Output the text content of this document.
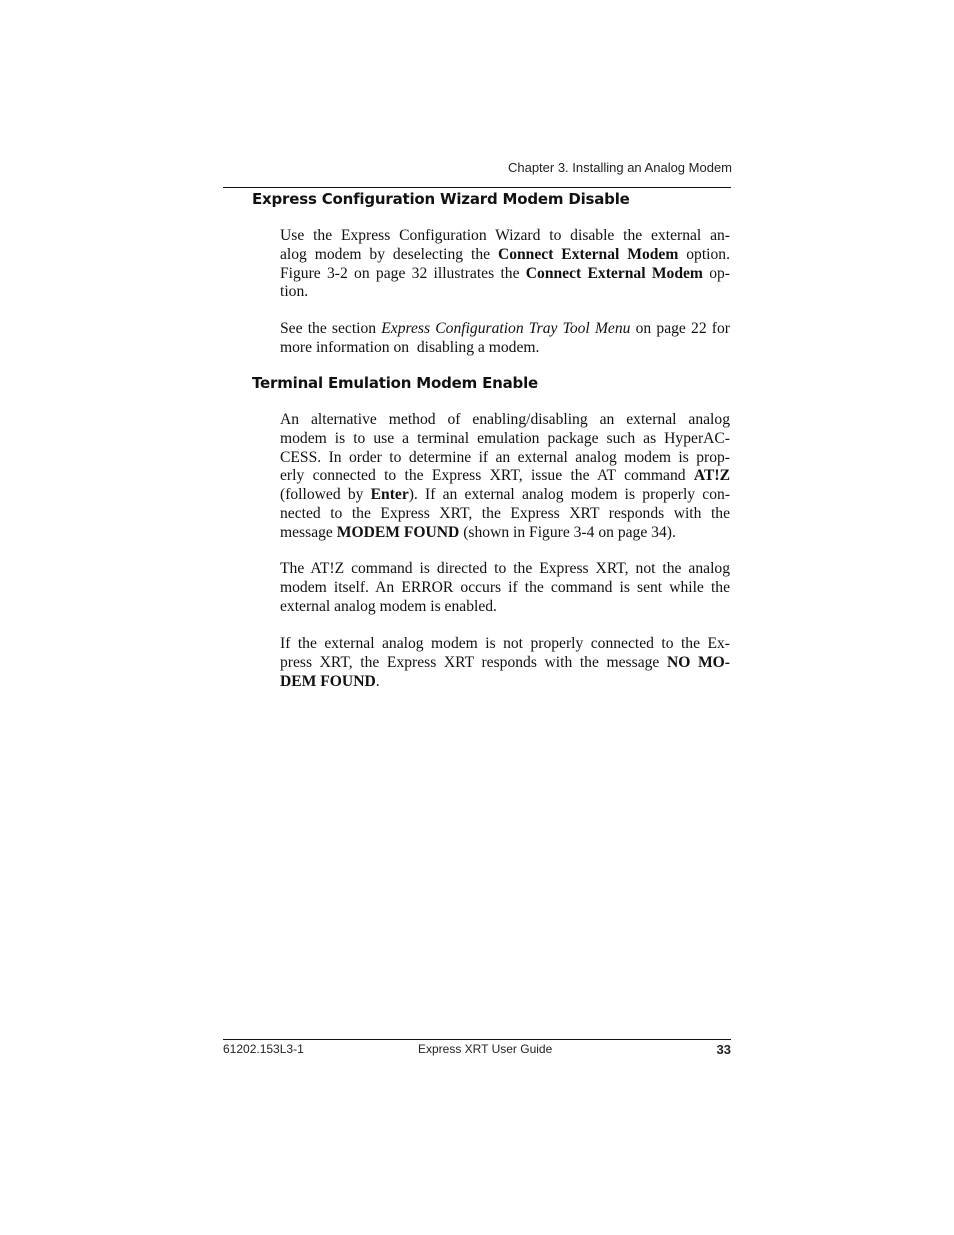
Chapter 3. Installing an Analog Modem
Express Configuration Wizard Modem Disable

Use the Express Configuration Wizard to disable the external an-
alog modem by deselecting the Connect External Modem option.
Figure 3-2 on page 32 illustrates the Connect External Modem op-
tion.

See the section Express Configuration Tray Tool Menu on page 22 for
more information on  disabling a modem.

Terminal Emulation Modem Enable

An alternative method of enabling/disabling an external analog
modem is to use a terminal emulation package such as HyperAC-
CESS. In order to determine if an external analog modem is prop-
erly connected to the Express XRT, issue the AT command AT!Z
(followed by Enter). If an external analog modem is properly con-
nected to the Express XRT, the Express XRT responds with the
message MODEM FOUND (shown in Figure 3-4 on page 34).

The AT!Z command is directed to the Express XRT, not the analog
modem itself. An ERROR occurs if the command is sent while the
external analog modem is enabled.

If the external analog modem is not properly connected to the Ex-
press XRT, the Express XRT responds with the message NO MO-
DEM FOUND.

61202.153L3-1	Express XRT User Guide	33
